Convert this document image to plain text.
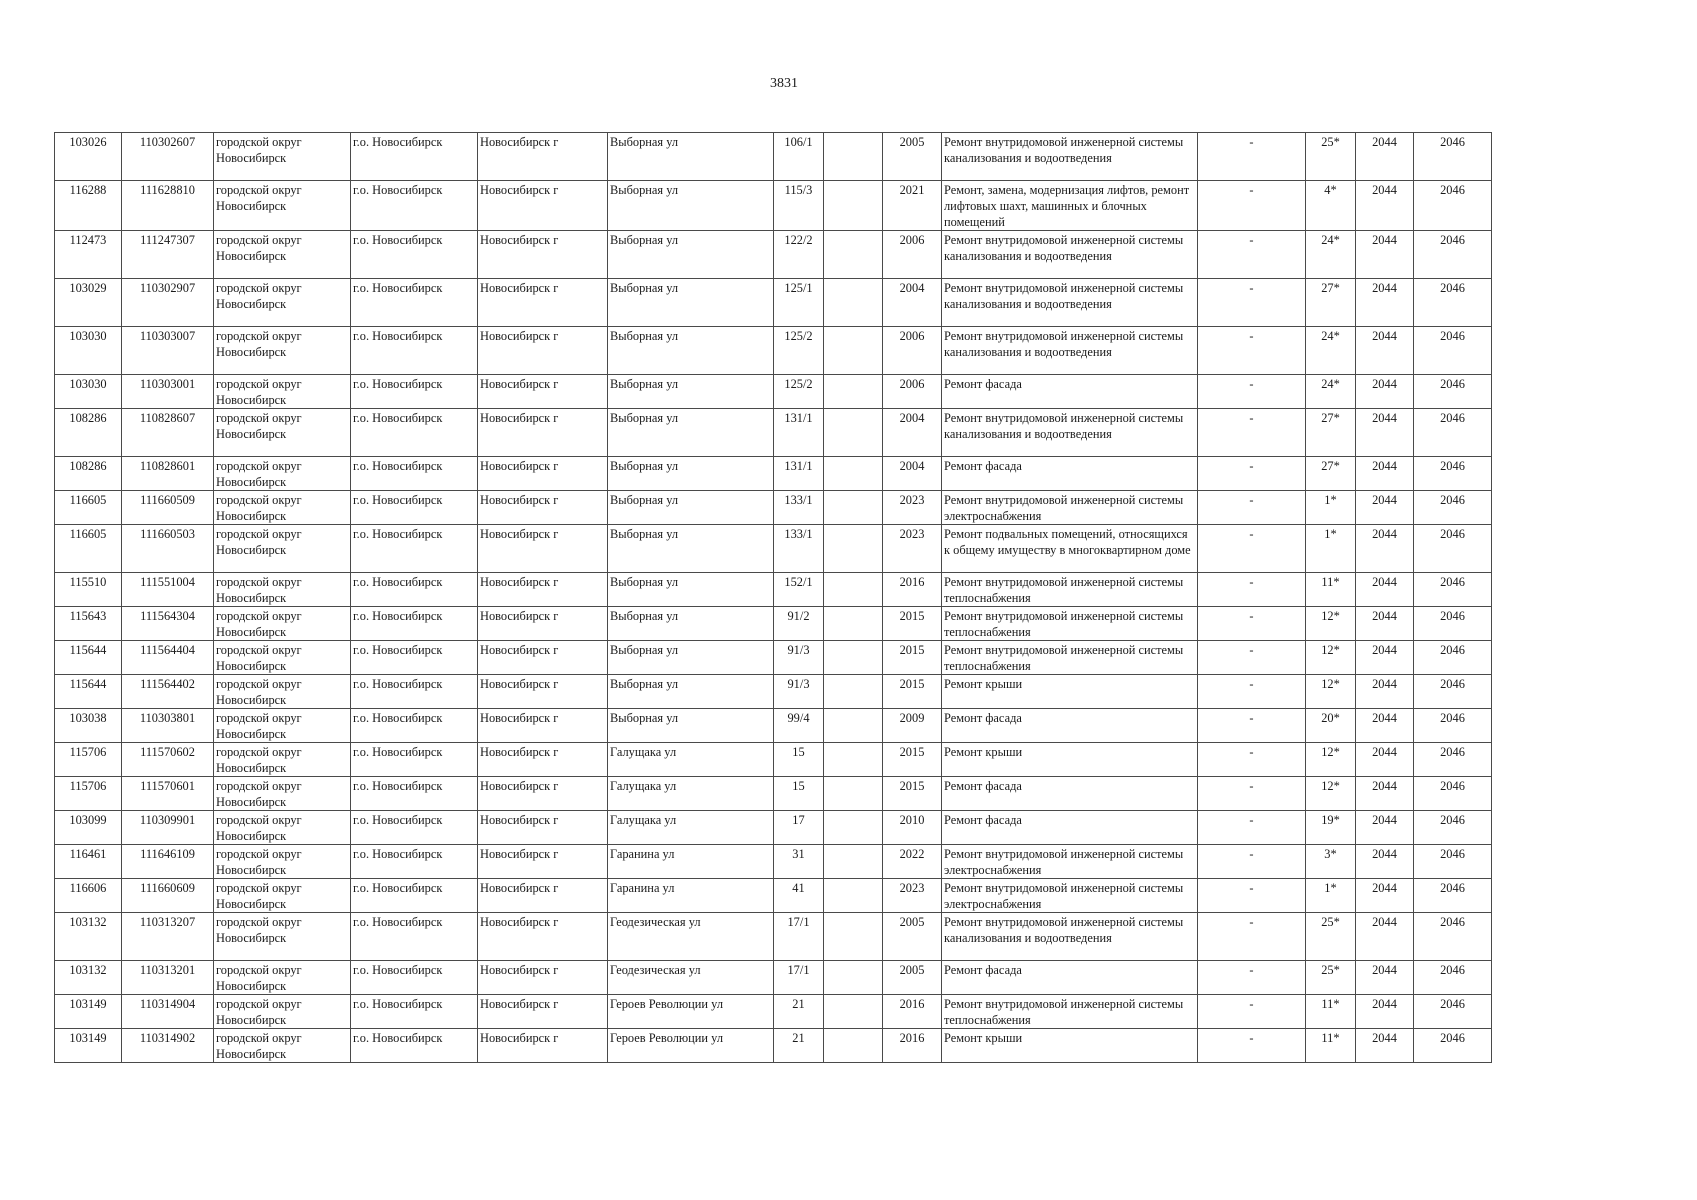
3831
103026	110302607	городской округ Новосибирск	г.о. Новосибирск	Новосибирск г	Выборная ул	106/1		2005	Ремонт внутридомовой инженерной системы канализования и водоотведения	-	25*	2044	2046
116288	111628810	городской округ Новосибирск	г.о. Новосибирск	Новосибирск г	Выборная ул	115/3		2021	Ремонт, замена, модернизация лифтов, ремонт лифтовых шахт, машинных и блочных помещений	-	4*	2044	2046
112473	111247307	городской округ Новосибирск	г.о. Новосибирск	Новосибирск г	Выборная ул	122/2		2006	Ремонт внутридомовой инженерной системы канализования и водоотведения	-	24*	2044	2046
103029	110302907	городской округ Новосибирск	г.о. Новосибирск	Новосибирск г	Выборная ул	125/1		2004	Ремонт внутридомовой инженерной системы канализования и водоотведения	-	27*	2044	2046
103030	110303007	городской округ Новосибирск	г.о. Новосибирск	Новосибирск г	Выборная ул	125/2		2006	Ремонт внутридомовой инженерной системы канализования и водоотведения	-	24*	2044	2046
103030	110303001	городской округ Новосибирск	г.о. Новосибирск	Новосибирск г	Выборная ул	125/2		2006	Ремонт фасада	-	24*	2044	2046
108286	110828607	городской округ Новосибирск	г.о. Новосибирск	Новосибирск г	Выборная ул	131/1		2004	Ремонт внутридомовой инженерной системы канализования и водоотведения	-	27*	2044	2046
108286	110828601	городской округ Новосибирск	г.о. Новосибирск	Новосибирск г	Выборная ул	131/1		2004	Ремонт фасада	-	27*	2044	2046
116605	111660509	городской округ Новосибирск	г.о. Новосибирск	Новосибирск г	Выборная ул	133/1		2023	Ремонт внутридомовой инженерной системы электроснабжения	-	1*	2044	2046
116605	111660503	городской округ Новосибирск	г.о. Новосибирск	Новосибирск г	Выборная ул	133/1		2023	Ремонт подвальных помещений, относящихся к общему имуществу в многоквартирном доме	-	1*	2044	2046
115510	111551004	городской округ Новосибирск	г.о. Новосибирск	Новосибирск г	Выборная ул	152/1		2016	Ремонт внутридомовой инженерной системы теплоснабжения	-	11*	2044	2046
115643	111564304	городской округ Новосибирск	г.о. Новосибирск	Новосибирск г	Выборная ул	91/2		2015	Ремонт внутридомовой инженерной системы теплоснабжения	-	12*	2044	2046
115644	111564404	городской округ Новосибирск	г.о. Новосибирск	Новосибирск г	Выборная ул	91/3		2015	Ремонт внутридомовой инженерной системы теплоснабжения	-	12*	2044	2046
115644	111564402	городской округ Новосибирск	г.о. Новосибирск	Новосибирск г	Выборная ул	91/3		2015	Ремонт крыши	-	12*	2044	2046
103038	110303801	городской округ Новосибирск	г.о. Новосибирск	Новосибирск г	Выборная ул	99/4		2009	Ремонт фасада	-	20*	2044	2046
115706	111570602	городской округ Новосибирск	г.о. Новосибирск	Новосибирск г	Галущака ул	15		2015	Ремонт крыши	-	12*	2044	2046
115706	111570601	городской округ Новосибирск	г.о. Новосибирск	Новосибирск г	Галущака ул	15		2015	Ремонт фасада	-	12*	2044	2046
103099	110309901	городской округ Новосибирск	г.о. Новосибирск	Новосибирск г	Галущака ул	17		2010	Ремонт фасада	-	19*	2044	2046
116461	111646109	городской округ Новосибирск	г.о. Новосибирск	Новосибирск г	Гаранина ул	31		2022	Ремонт внутридомовой инженерной системы электроснабжения	-	3*	2044	2046
116606	111660609	городской округ Новосибирск	г.о. Новосибирск	Новосибирск г	Гаранина ул	41		2023	Ремонт внутридомовой инженерной системы электроснабжения	-	1*	2044	2046
103132	110313207	городской округ Новосибирск	г.о. Новосибирск	Новосибирск г	Геодезическая ул	17/1		2005	Ремонт внутридомовой инженерной системы канализования и водоотведения	-	25*	2044	2046
103132	110313201	городской округ Новосибирск	г.о. Новосибирск	Новосибирск г	Геодезическая ул	17/1		2005	Ремонт фасада	-	25*	2044	2046
103149	110314904	городской округ Новосибирск	г.о. Новосибирск	Новосибирск г	Героев Революции ул	21		2016	Ремонт внутридомовой инженерной системы теплоснабжения	-	11*	2044	2046
103149	110314902	городской округ Новосибирск	г.о. Новосибирск	Новосибирск г	Героев Революции ул	21		2016	Ремонт крыши	-	11*	2044	2046
